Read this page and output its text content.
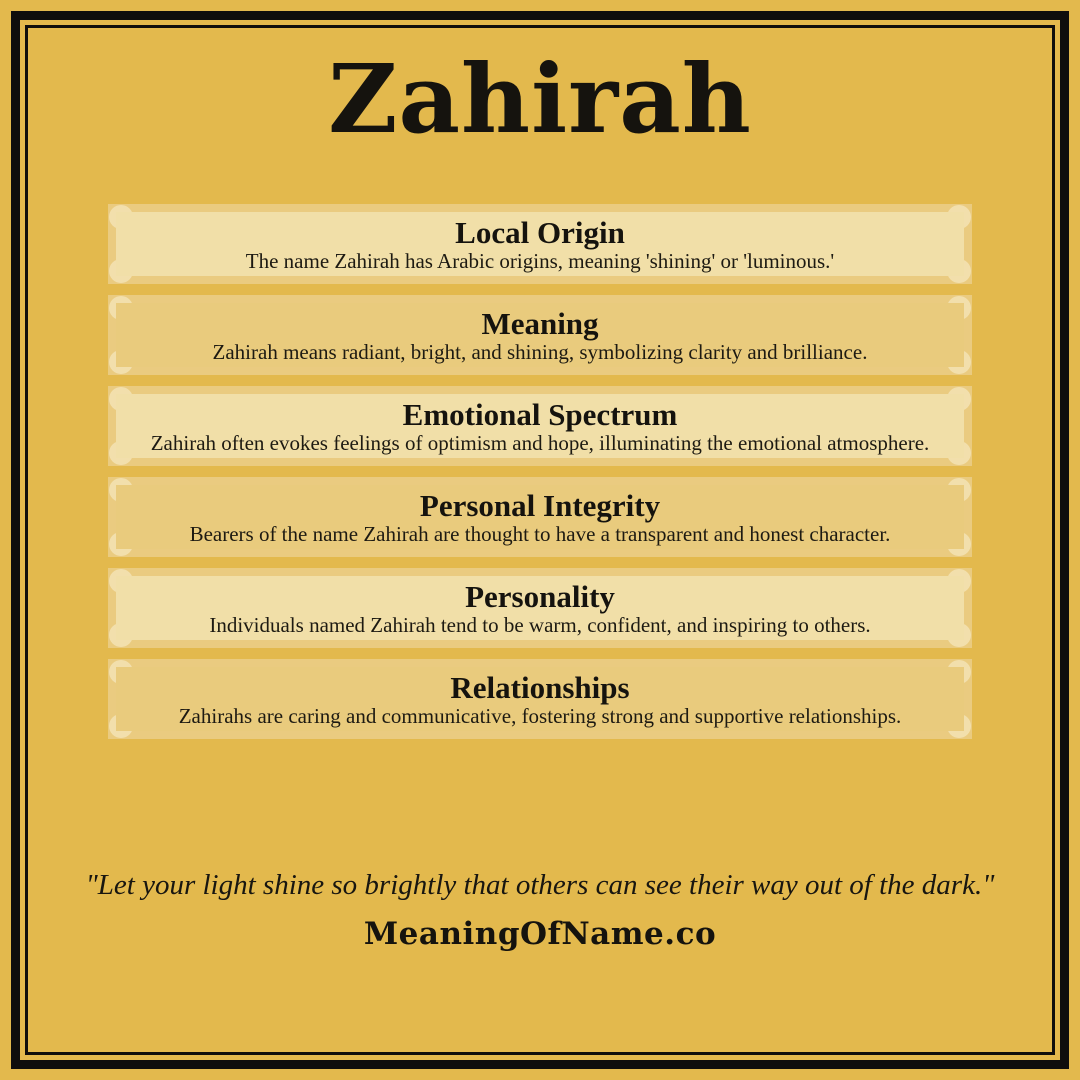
Zahirah
Local Origin

The name Zahirah has Arabic origins, meaning 'shining' or 'luminous.'

Meaning

Zahirah means radiant, bright, and shining, symbolizing clarity and brilliance.

Emotional Spectrum

Zahirah often evokes feelings of optimism and hope, illuminating the emotional atmosphere.

Personal Integrity

Bearers of the name Zahirah are thought to have a transparent and honest character.

Personality

Individuals named Zahirah tend to be warm, confident, and inspiring to others.

Relationships

Zahirahs are caring and communicative, fostering strong and supportive relationships.

"Let your light shine so brightly that others can see their way out of the dark."
MeaningOfName.co
